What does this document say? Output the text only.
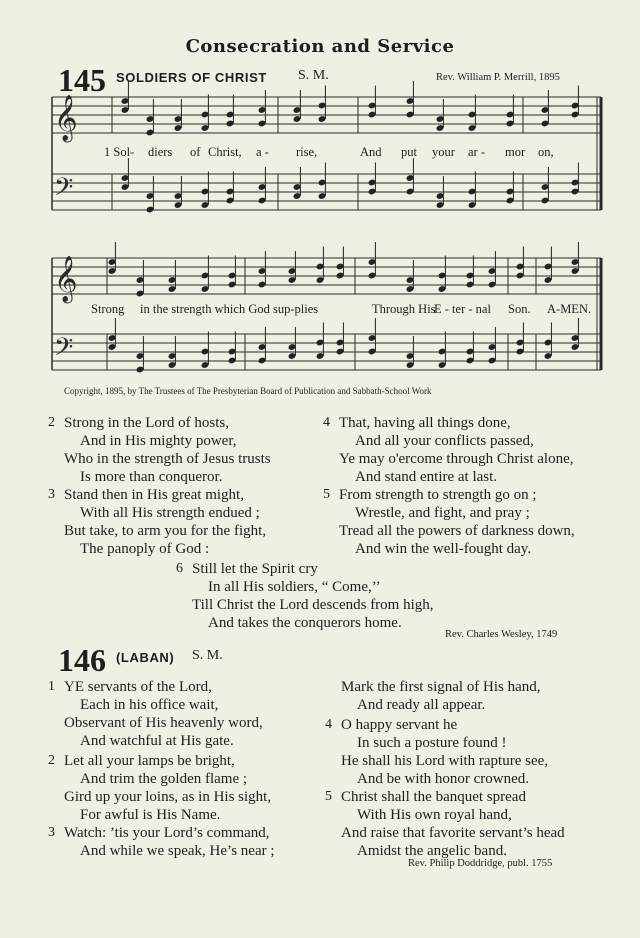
Consecration and Service
145 SOLDIERS OF CHRIST S. M.	Rev. William P. Merrill, 1895
𝄞
𝄢
𝄞
𝄢
1 Sol- diers of Christ, a - rise,	And put your ar - mor on,
Strong in the strength which God sup-plies	Through His
E - ter - nal Son. A-MEN.
Copyright, 1895, by The Trustees of The Presbyterian Board of Publication and Sabbath-School Work
2 Strong in the Lord of hosts,
And in His mighty power,
Who in the strength of Jesus trusts
Is more than conqueror.
3 Stand then in His great might,
With all His strength endued ;
But take, to arm you for the fight,
The panoply of God :
4 That, having all things done,
And all your conflicts passed,
Ye may o'ercome through Christ alone,
And stand entire at last.
5 From strength to strength go on ;
Wrestle, and fight, and pray ;
Tread all the powers of darkness down,
And win the well-fought day.
6 Still let the Spirit cry
In all His soldiers, “ Come,’’
Till Christ the Lord descends from high,
And takes the conquerors home.
Rev. Charles Wesley, 1749
146 (LABAN) S. M.
1 YE servants of the Lord,
Each in his office wait,
Observant of His heavenly word,
And watchful at His gate.
2 Let all your lamps be bright,
And trim the golden flame ;
Gird up your loins, as in His sight,
For awful is His Name.
3 Watch: ’tis your Lord’s command,
And while we speak, He’s near ;
Mark the first signal of His hand,
And ready all appear.
4 O happy servant he
In such a posture found !
He shall his Lord with rapture see,
And be with honor crowned.
5 Christ shall the banquet spread
With His own royal hand,
And raise that favorite servant’s head
Amidst the angelic band.
Rev. Philip Doddridge, publ. 1755
